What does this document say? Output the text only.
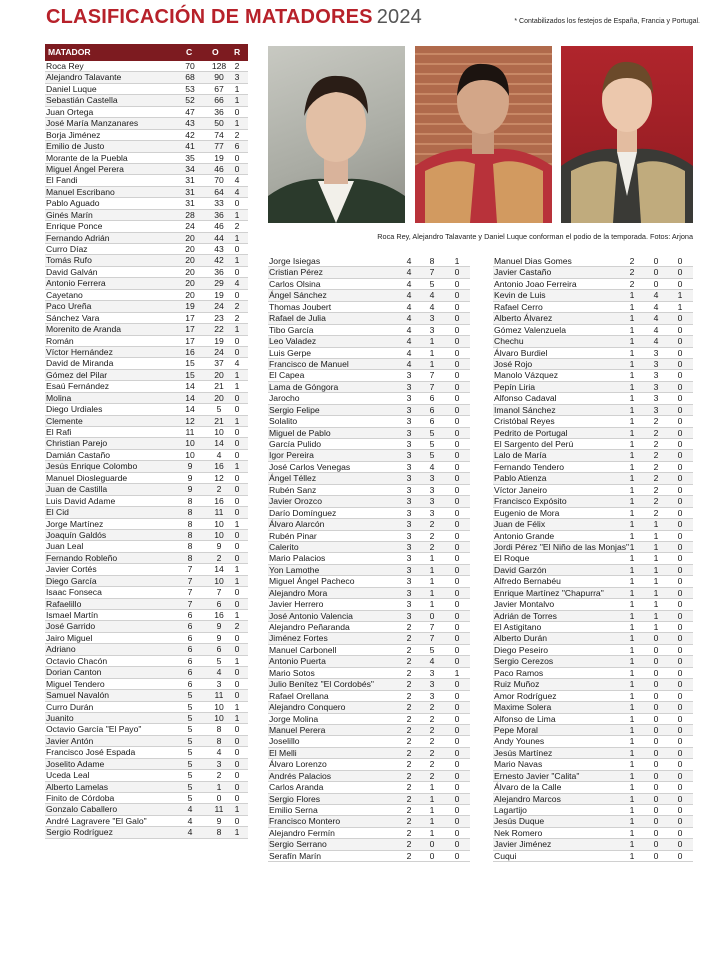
CLASIFICACIÓN DE MATADORES 2024	* Contabilizados los festejos de España, Francia y Portugal.
MATADOR	C O R
Roca Rey	70	128 2
Alejandro Talavante	68	90	3
Daniel Luque	53	67	1
Sebastián Castella	52	66	1
Juan Ortega	47	36	0
José María Manzanares	43	50	1
Borja Jiménez	42	74	2
Emilio de Justo	41	77	6
Morante de la Puebla	35	19	0
Miguel Ángel Perera	34	46	0
El Fandi	31	70	4
Manuel Escribano	31	64	4
Pablo Aguado	31	33	0
Ginés Marín	28	36	1
Enrique Ponce	24	46	2
Fernando Adrián	20	44	1
Curro Díaz	20	43	0
Tomás Rufo	20	42	1
David Galván	20	36	0
Antonio Ferrera	20	29	4
Cayetano	20	19	0
Paco Ureña	19	24	2
Sánchez Vara	17	23	2
Morenito de Aranda	17	22	1
Román	17	19	0
Víctor Hernández	16	24	0
David de Miranda	15	37	4
Gómez del Pilar	15	20	1
Esaú Fernández	14	21	1
Molina	14	20	0
Diego Urdiales	14	5	0
Clemente	12	21	1
El Rafi	11	10	0
Christian Parejo	10	14	0
Damián Castaño	10	4	0
Jesús Enrique Colombo	9	16	1
Manuel Diosleguarde	9	12	0
Juan de Castilla	9	2	0
Luis David Adame	8	16	0
El Cid	8	11	0
Jorge Martínez	8	10	1
Joaquín Galdós	8	10	0
Juan Leal	8	9	0
Fernando Robleño	8	2	0
Javier Cortés	7	14	1
Diego García	7	10	1
Isaac Fonseca	7	7	0
Rafaelillo	7	6	0
Ismael Martín	6	16	1
José Garrido	6	9	2
Jairo Miguel	6	9	0
Adriano	6	6	0
Octavio Chacón	6	5	1
Dorian Canton	6	4	0
Miguel Tendero	6	3	0
Samuel Navalón	5	11	0
Curro Durán	5	10	1
Juanito	5	10	1
Octavio García "El Payo"	5	8	0
Javier Antón	5	8	0
Francisco José Espada	5	4	0
Joselito Adame	5	3	0
Uceda Leal	5	2	0
Alberto Lamelas	5	1	0
Finito de Córdoba	5	0	0
Gonzalo Caballero	4	11	1
André Lagravere "El Galo"	4	9	0
Sergio Rodríguez	4	8	1
Roca Rey, Alejandro Talavante y Daniel Luque conforman el podio de la temporada. Fotos: Arjona
Jorge Isiegas	4	8	1
Cristian Pérez	4	7	0
Carlos Olsina	4	5	0
Ángel Sánchez	4	4	0
Thomas Joubert	4	4	0
Rafael de Julia	4	3	0
Tibo García	4	3	0
Leo Valadez	4	1	0
Luis Gerpe	4	1	0
Francisco de Manuel	4	1	0
El Capea	3	7	0
Lama de Góngora	3	7	0
Jarocho	3	6	0
Sergio Felipe	3	6	0
Solalito	3	6	0
Miguel de Pablo	3	5	0
García Pulido	3	5	0
Igor Pereira	3	5	0
José Carlos Venegas	3	4	0
Ángel Téllez	3	3	0
Rubén Sanz	3	3	0
Javier Orozco	3	3	0
Darío Domínguez	3	3	0
Álvaro Alarcón	3	2	0
Rubén Pinar	3	2	0
Calerito	3	2	0
Mario Palacios	3	1	0
Yon Lamothe	3	1	0
Miguel Ángel Pacheco	3	1	0
Alejandro Mora	3	1	0
Javier Herrero	3	1	0
José Antonio Valencia	3	0	0
Alejandro Peñaranda	2	7	0
Jiménez Fortes	2	7	0
Manuel Carbonell	2	5	0
Antonio Puerta	2	4	0
Mario Sotos	2	3	1
Julio Benítez "El Cordobés"	2	3	0
Rafael Orellana	2	3	0
Alejandro Conquero	2	2	0
Jorge Molina	2	2	0
Manuel Perera	2	2	0
Joselillo	2	2	0
El Melli	2	2	0
Álvaro Lorenzo	2	2	0
Andrés Palacios	2	2	0
Carlos Aranda	2	1	0
Sergio Flores	2	1	0
Emilio Serna	2	1	0
Francisco Montero	2	1	0
Alejandro Fermín	2	1	0
Sergio Serrano	2	0	0
Serafín Marín	2	0	0
Manuel Dias Gomes	2	0	0
Javier Castaño	2	0	0
Antonio Joao Ferreira	2	0	0
Kevin de Luis	1	4	1
Rafael Cerro	1	4	1
Alberto Álvarez	1	4	0
Gómez Valenzuela	1	4	0
Chechu	1	4	0
Álvaro Burdiel	1	3	0
José Rojo	1	3	0
Manolo Vázquez	1	3	0
Pepín Liria	1	3	0
Alfonso Cadaval	1	3	0
Imanol Sánchez	1	3	0
Cristóbal Reyes	1	2	0
Pedrito de Portugal	1	2	0
El Sargento del Perú	1	2	0
Lalo de María	1	2	0
Fernando Tendero	1	2	0
Pablo Atienza	1	2	0
Víctor Janeiro	1	2	0
Francisco Expósito	1	2	0
Eugenio de Mora	1	2	0
Juan de Félix	1	1	0
Antonio Grande	1	1	0
Jordi Pérez "El Niño de las Monjas" 1	1	0
El Roque	1	1	0
David Garzón	1	1	0
Alfredo Bernabéu	1	1	0
Enrique Martínez "Chapurra"	1	1	0
Javier Montalvo	1	1	0
Adrián de Torres	1	1	0
El Astigitano	1	1	0
Alberto Durán	1	0	0
Diego Peseiro	1	0	0
Sergio Cerezos	1	0	0
Paco Ramos	1	0	0
Ruiz Muñoz	1	0	0
Amor Rodríguez	1	0	0
Maxime Solera	1	0	0
Alfonso de Lima	1	0	0
Pepe Moral	1	0	0
Andy Younes	1	0	0
Jesús Martínez	1	0	0
Mario Navas	1	0	0
Ernesto Javier "Calita"	1	0	0
Álvaro de la Calle	1	0	0
Alejandro Marcos	1	0	0
Lagartijo	1	0	0
Jesús Duque	1	0	0
Nek Romero	1	0	0
Javier Jiménez	1	0	0
Cuqui	1	0	0
